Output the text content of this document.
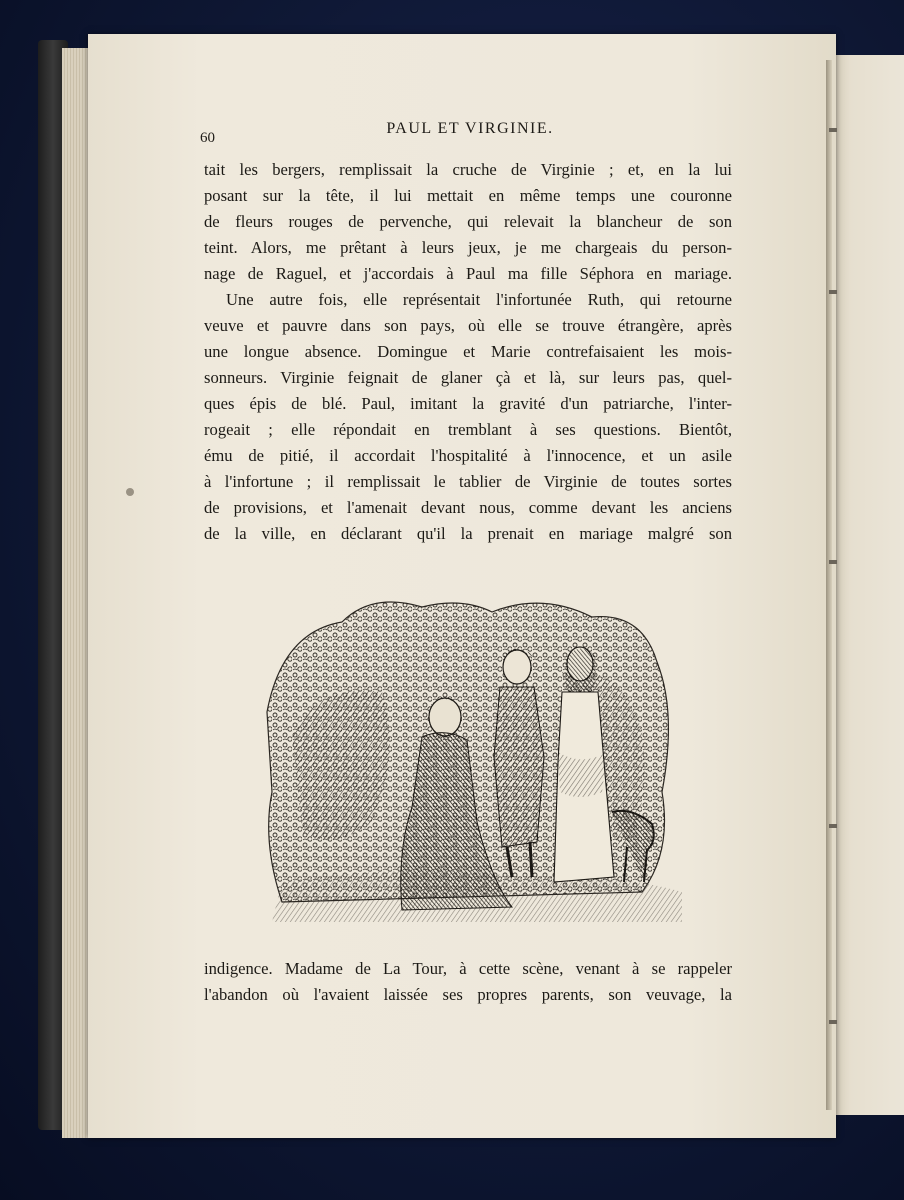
60
PAUL ET VIRGINIE.
tait les bergers, remplissait la cruche de Virginie ; et, en la lui
posant sur la tête, il lui mettait en même temps une couronne
de fleurs rouges de pervenche, qui relevait la blancheur de son
teint. Alors, me prêtant à leurs jeux, je me chargeais du person-
nage de Raguel, et j'accordais à Paul ma fille Séphora en mariage.
Une autre fois, elle représentait l'infortunée Ruth, qui retourne
veuve et pauvre dans son pays, où elle se trouve étrangère, après
une longue absence. Domingue et Marie contrefaisaient les mois-
sonneurs. Virginie feignait de glaner çà et là, sur leurs pas, quel-
ques épis de blé. Paul, imitant la gravité d'un patriarche, l'inter-
rogeait ; elle répondait en tremblant à ses questions. Bientôt,
ému de pitié, il accordait l'hospitalité à l'innocence, et un asile
à l'infortune ; il remplissait le tablier de Virginie de toutes sortes
de provisions, et l'amenait devant nous, comme devant les anciens
de la ville, en déclarant qu'il la prenait en mariage malgré son
indigence. Madame de La Tour, à cette scène, venant à se rappeler
l'abandon où l'avaient laissée ses propres parents, son veuvage, la
